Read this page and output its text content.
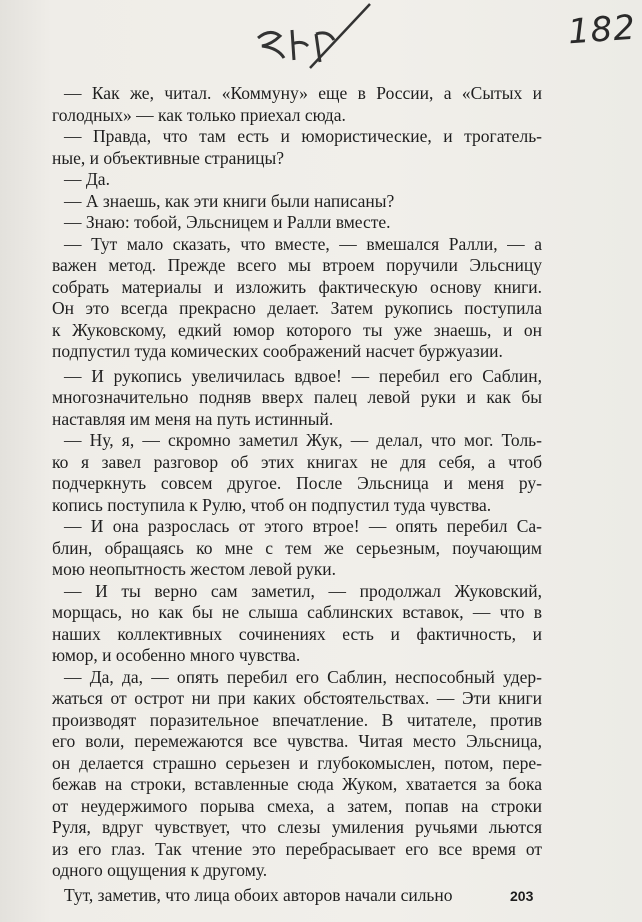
182

— Как же, читал. «Коммуну» еще в России, а «Сытых и
голодных» — как только приехал сюда.

— Правда, что там есть и юмористические, и трогатель-
ные, и объективные страницы?

— Да.

— А знаешь, как эти книги были написаны?

— Знаю: тобой, Эльсницем и Ралли вместе.

— Тут мало сказать, что вместе, — вмешался Ралли, — а
важен метод. Прежде всего мы втроем поручили Эльсницу
собрать материалы и изложить фактическую основу книги.
Он это всегда прекрасно делает. Затем рукопись поступила
к Жуковскому, едкий юмор которого ты уже знаешь, и он
подпустил туда комических соображений насчет буржуазии.

— И рукопись увеличилась вдвое! — перебил его Саблин,
многозначительно подняв вверх палец левой руки и как бы
наставляя им меня на путь истинный.

— Ну, я, — скромно заметил Жук, — делал, что мог. Толь-
ко я завел разговор об этих книгах не для себя, а чтоб
подчеркнуть совсем другое. После Эльсница и меня ру-
копись поступила к Рулю, чтоб он подпустил туда чувства.

— И она разрослась от этого втрое! — опять перебил Са-
блин, обращаясь ко мне с тем же серьезным, поучающим
мою неопытность жестом левой руки.

— И ты верно сам заметил, — продолжал Жуковский,
морщась, но как бы не слыша саблинских вставок, — что в
наших коллективных сочинениях есть и фактичность, и
юмор, и особенно много чувства.

— Да, да, — опять перебил его Саблин, неспособный удер-
жаться от острот ни при каких обстоятельствах. — Эти книги
производят поразительное впечатление. В читателе, против
его воли, перемежаются все чувства. Читая место Эльсница,
он делается страшно серьезен и глубокомыслен, потом, пере-
бежав на строки, вставленные сюда Жуком, хватается за бока
от неудержимого порыва смеха, а затем, попав на строки
Руля, вдруг чувствует, что слезы умиления ручьями льются
из его глаз. Так чтение это перебрасывает его все время от
одного ощущения к другому.

Тут, заметив, что лица обоих авторов начали сильно	203
